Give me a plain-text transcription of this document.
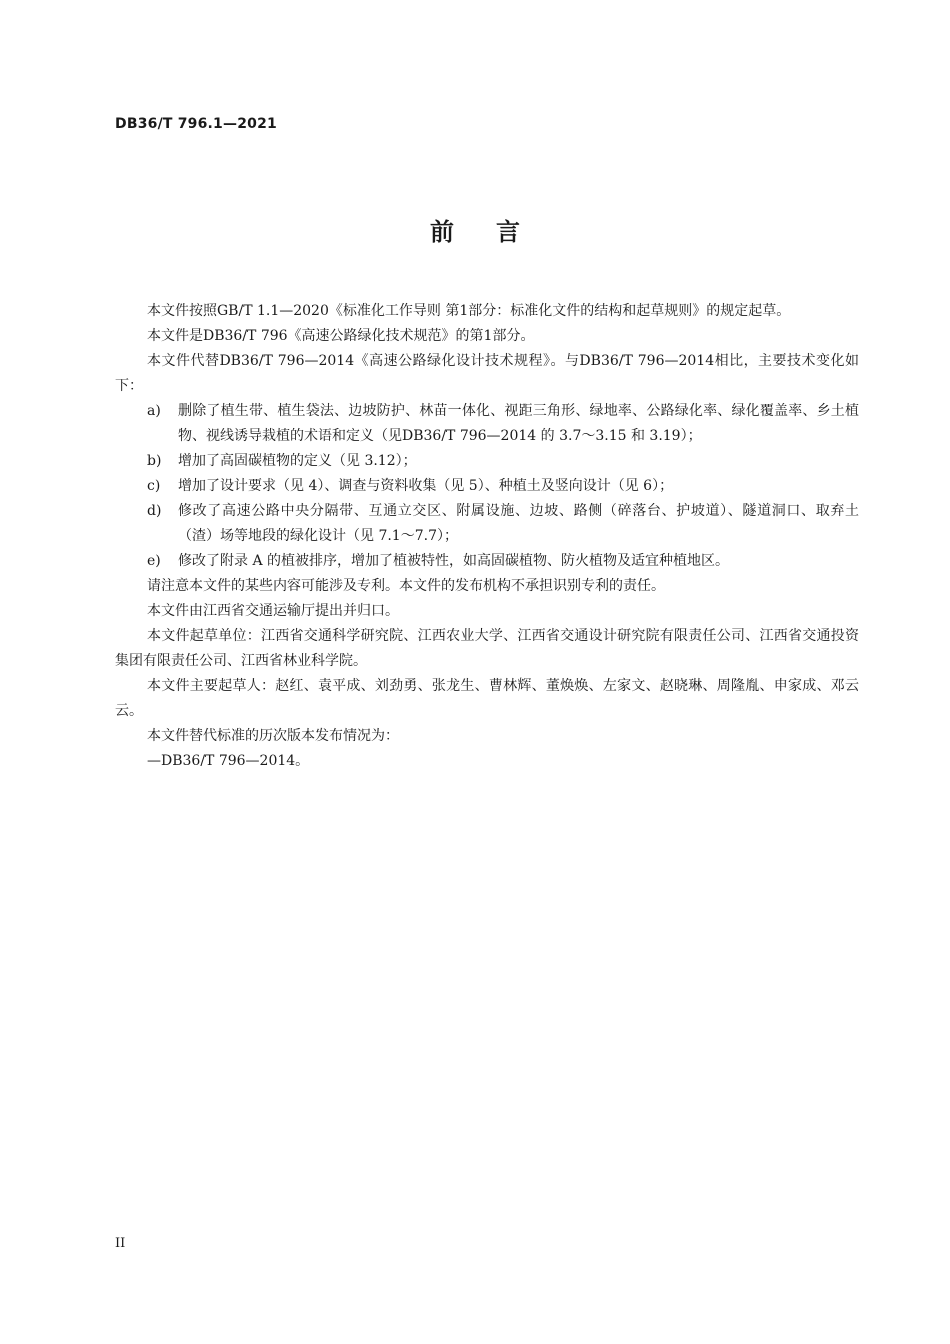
DB36/T 796.1—2021
前言

本文件按照GB/T 1.1—2020《标准化工作导则 第1部分：标准化文件的结构和起草规则》的规定起草。

本文件是DB36/T 796《高速公路绿化技术规范》的第1部分。

本文件代替DB36/T 796—2014《高速公路绿化设计技术规程》。与DB36/T 796—2014相比，主要技术变化如下：

a) 删除了植生带、植生袋法、边坡防护、林苗一体化、视距三角形、绿地率、公路绿化率、绿化覆盖率、乡土植物、视线诱导栽植的术语和定义（见DB36/T 796—2014 的 3.7～3.15 和 3.19）；

b) 增加了高固碳植物的定义（见 3.12）；

c) 增加了设计要求（见 4）、调查与资料收集（见 5）、种植土及竖向设计（见 6）；

d) 修改了高速公路中央分隔带、互通立交区、附属设施、边坡、路侧（碎落台、护坡道）、隧道洞口、取弃土（渣）场等地段的绿化设计（见 7.1～7.7）；

e) 修改了附录 A 的植被排序，增加了植被特性，如高固碳植物、防火植物及适宜种植地区。

请注意本文件的某些内容可能涉及专利。本文件的发布机构不承担识别专利的责任。

本文件由江西省交通运输厅提出并归口。

本文件起草单位：江西省交通科学研究院、江西农业大学、江西省交通设计研究院有限责任公司、江西省交通投资集团有限责任公司、江西省林业科学院。

本文件主要起草人：赵红、袁平成、刘劲勇、张龙生、曹林辉、董焕焕、左家文、赵晓琳、周隆胤、申家成、邓云云。

本文件替代标准的历次版本发布情况为：

—DB36/T 796—2014。

II
